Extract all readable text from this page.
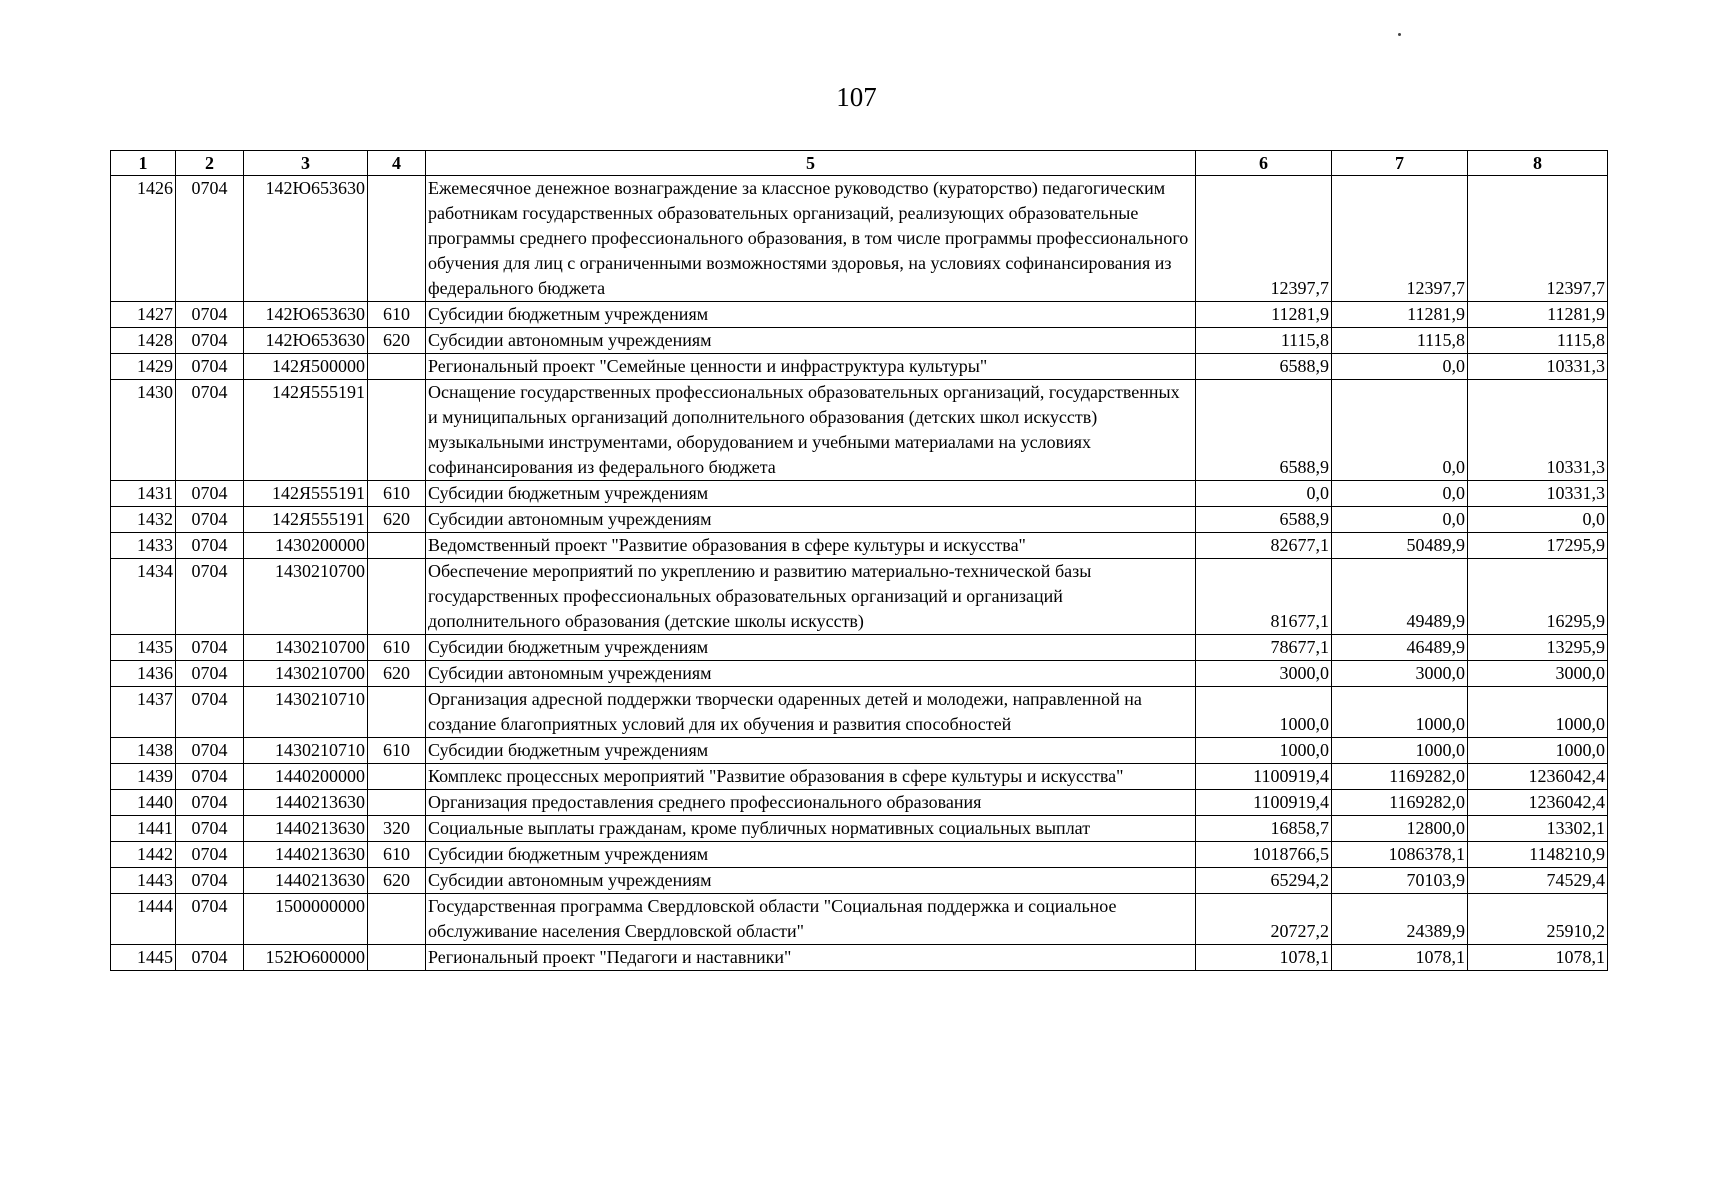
107
1	2	3	4	5	6	7	8
1426	0704	142Ю653630		Ежемесячное денежное вознаграждение за классное руководство (кураторство) педагогическим работникам государственных образовательных организаций, реализующих образовательные программы среднего профессионального образования, в том числе программы профессионального обучения для лиц с ограниченными возможностями здоровья, на условиях софинансирования из федерального бюджета	12397,7	12397,7	12397,7
1427	0704	142Ю653630	610	Субсидии бюджетным учреждениям	11281,9	11281,9	11281,9
1428	0704	142Ю653630	620	Субсидии автономным учреждениям	1115,8	1115,8	1115,8
1429	0704	142Я500000		Региональный проект "Семейные ценности и инфраструктура культуры"	6588,9	0,0	10331,3
1430	0704	142Я555191		Оснащение государственных профессиональных образовательных организаций, государственных и муниципальных организаций дополнительного образования (детских школ искусств) музыкальными инструментами, оборудованием и учебными материалами на условиях софинансирования из федерального бюджета	6588,9	0,0	10331,3
1431	0704	142Я555191	610	Субсидии бюджетным учреждениям	0,0	0,0	10331,3
1432	0704	142Я555191	620	Субсидии автономным учреждениям	6588,9	0,0	0,0
1433	0704	1430200000		Ведомственный проект "Развитие образования в сфере культуры и искусства"	82677,1	50489,9	17295,9
1434	0704	1430210700		Обеспечение мероприятий по укреплению и развитию материально-технической базы государственных профессиональных образовательных организаций и организаций дополнительного образования (детские школы искусств)	81677,1	49489,9	16295,9
1435	0704	1430210700	610	Субсидии бюджетным учреждениям	78677,1	46489,9	13295,9
1436	0704	1430210700	620	Субсидии автономным учреждениям	3000,0	3000,0	3000,0
1437	0704	1430210710		Организация адресной поддержки творчески одаренных детей и молодежи, направленной на создание благоприятных условий для их обучения и развития способностей	1000,0	1000,0	1000,0
1438	0704	1430210710	610	Субсидии бюджетным учреждениям	1000,0	1000,0	1000,0
1439	0704	1440200000		Комплекс процессных мероприятий "Развитие образования в сфере культуры и искусства"	1100919,4	1169282,0	1236042,4
1440	0704	1440213630		Организация предоставления среднего профессионального образования	1100919,4	1169282,0	1236042,4
1441	0704	1440213630	320	Социальные выплаты гражданам, кроме публичных нормативных социальных выплат	16858,7	12800,0	13302,1
1442	0704	1440213630	610	Субсидии бюджетным учреждениям	1018766,5	1086378,1	1148210,9
1443	0704	1440213630	620	Субсидии автономным учреждениям	65294,2	70103,9	74529,4
1444	0704	1500000000		Государственная программа Свердловской области "Социальная поддержка и социальное обслуживание населения Свердловской области"	20727,2	24389,9	25910,2
1445	0704	152Ю600000		Региональный проект "Педагоги и наставники"	1078,1	1078,1	1078,1
